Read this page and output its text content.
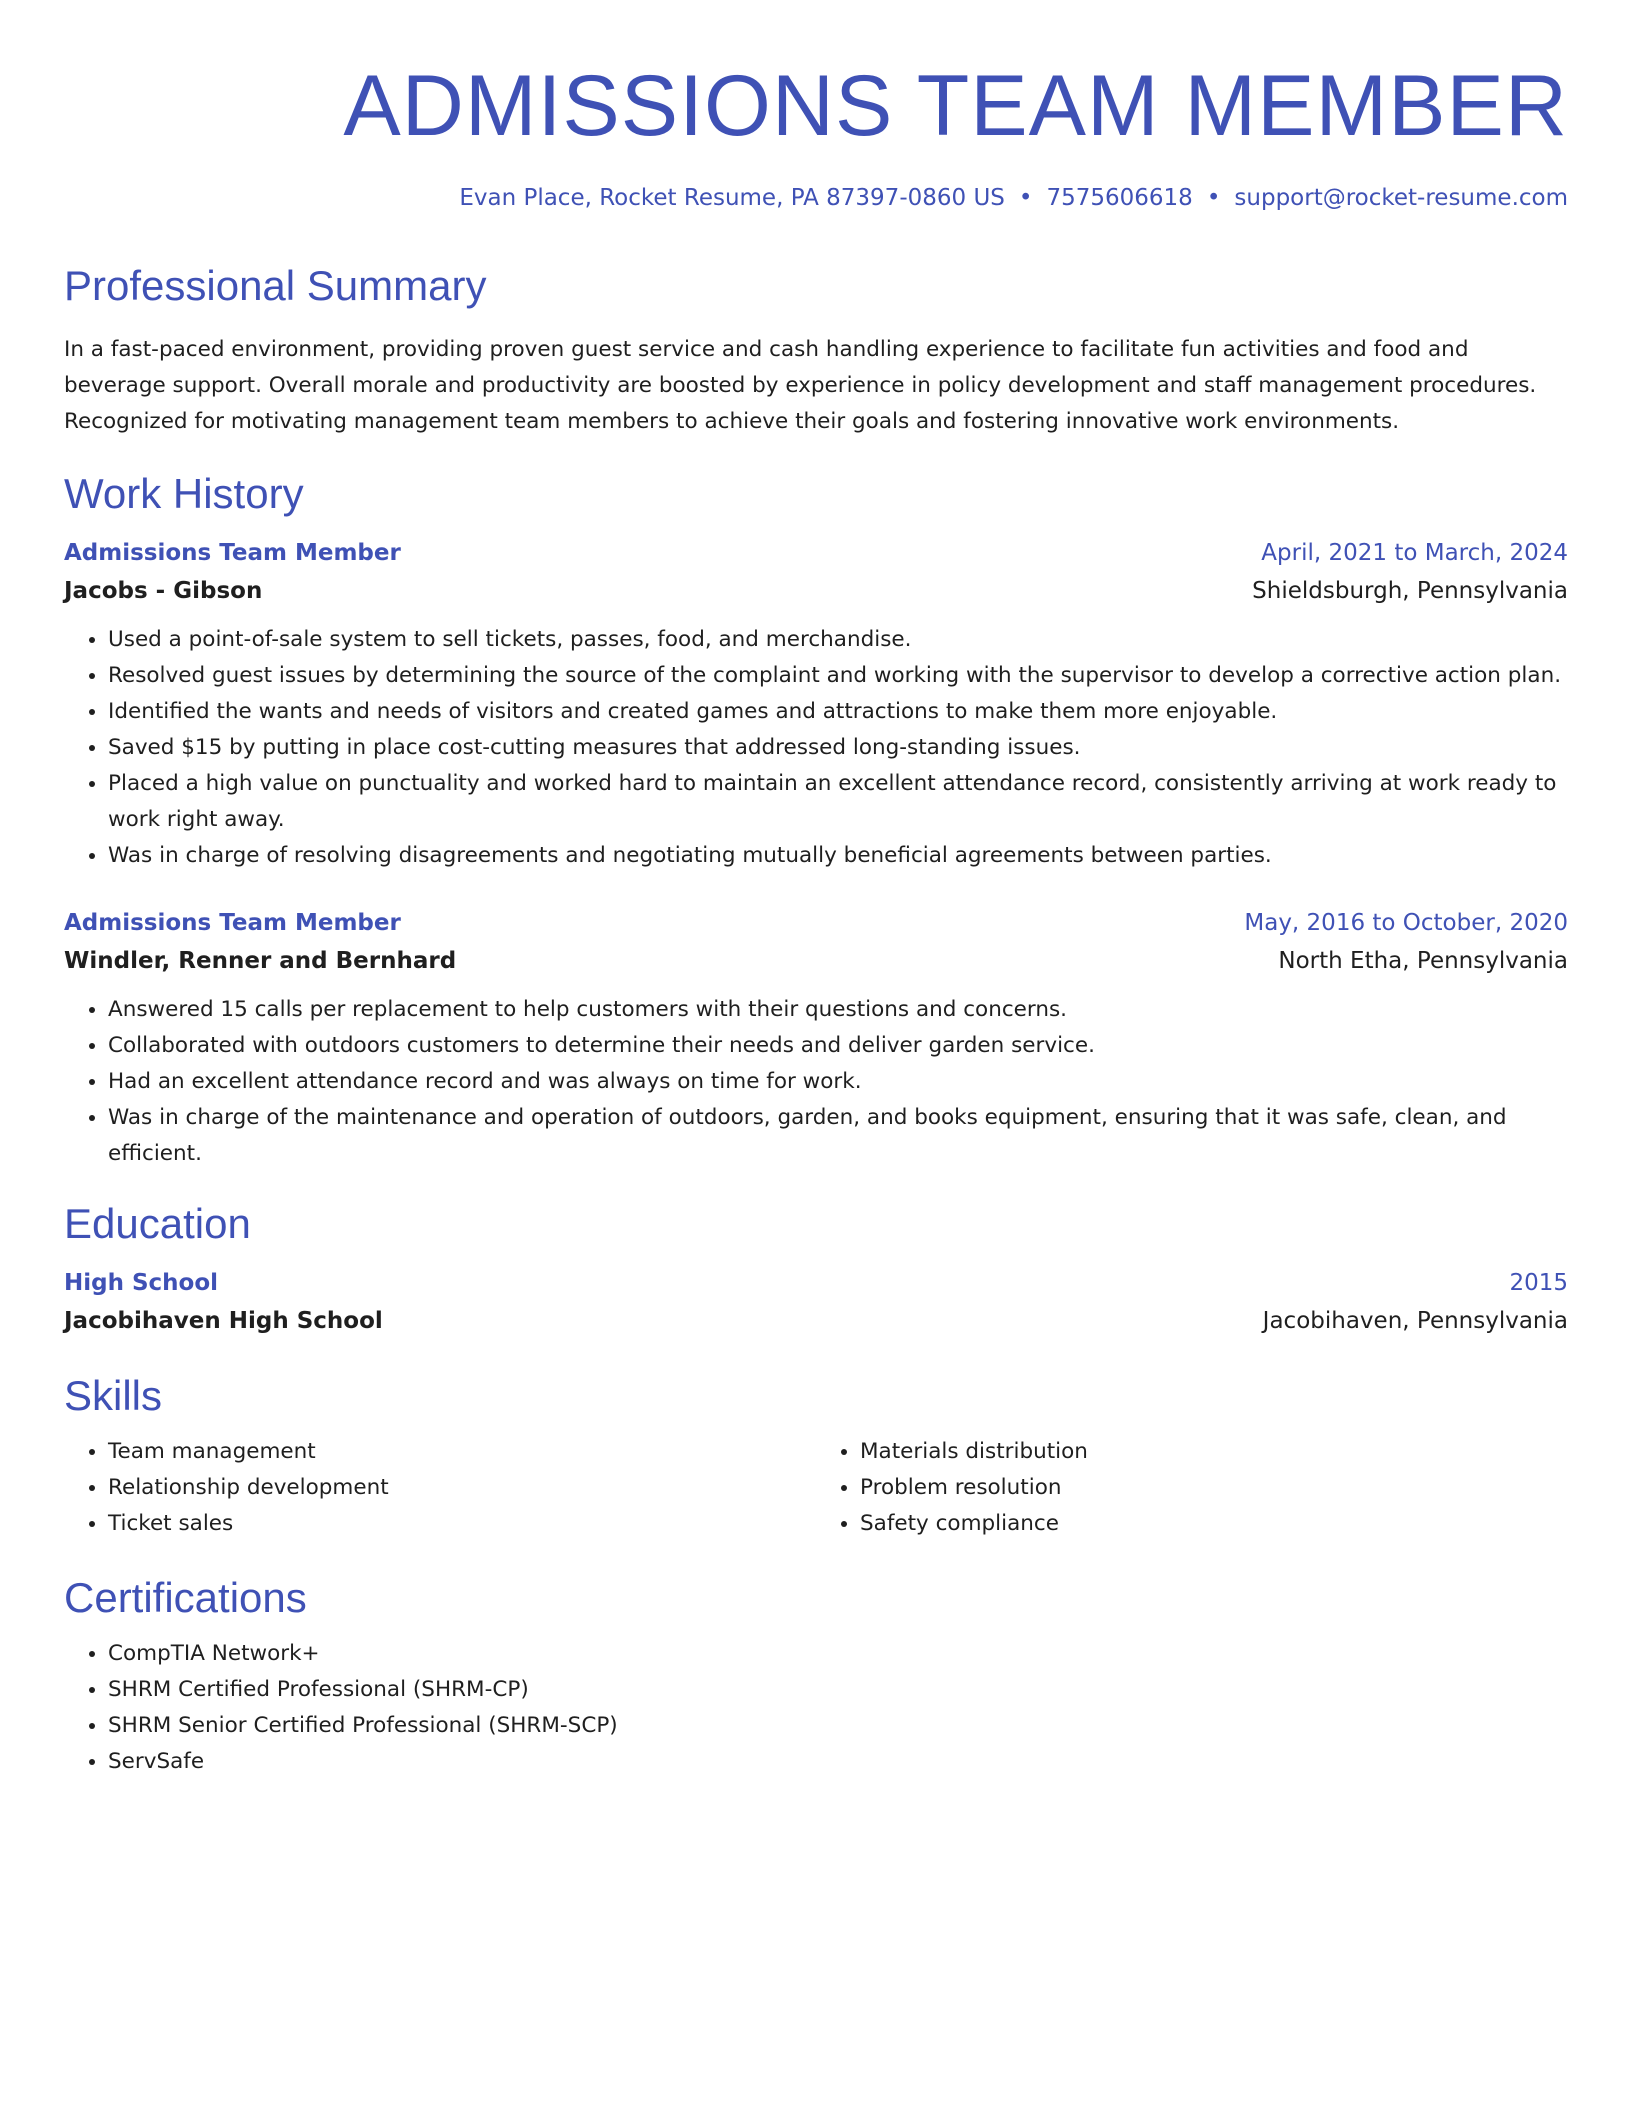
ADMISSIONS TEAM MEMBER
Evan Place, Rocket Resume, PA 87397-0860 US • 7575606618 • support@rocket-resume.com
Professional Summary
In a fast-paced environment, providing proven guest service and cash handling experience to facilitate fun activities and food and beverage support. Overall morale and productivity are boosted by experience in policy development and staff management procedures. Recognized for motivating management team members to achieve their goals and fostering innovative work environments.
Work History
Admissions Team Member	April, 2021 to March, 2024
Jacobs - Gibson	Shieldsburgh, Pennsylvania
• Used a point-of-sale system to sell tickets, passes, food, and merchandise.
• Resolved guest issues by determining the source of the complaint and working with the supervisor to develop a corrective action plan.
• Identified the wants and needs of visitors and created games and attractions to make them more enjoyable.
• Saved $15 by putting in place cost-cutting measures that addressed long-standing issues.
• Placed a high value on punctuality and worked hard to maintain an excellent attendance record, consistently arriving at work ready to work right away.
• Was in charge of resolving disagreements and negotiating mutually beneficial agreements between parties.
Admissions Team Member	May, 2016 to October, 2020
Windler, Renner and Bernhard	North Etha, Pennsylvania
• Answered 15 calls per replacement to help customers with their questions and concerns.
• Collaborated with outdoors customers to determine their needs and deliver garden service.
• Had an excellent attendance record and was always on time for work.
• Was in charge of the maintenance and operation of outdoors, garden, and books equipment, ensuring that it was safe, clean, and efficient.
Education
High School	2015
Jacobihaven High School	Jacobihaven, Pennsylvania
Skills
• Team management
• Relationship development
• Ticket sales
• Materials distribution
• Problem resolution
• Safety compliance
Certifications
• CompTIA Network+
• SHRM Certified Professional (SHRM-CP)
• SHRM Senior Certified Professional (SHRM-SCP)
• ServSafe
